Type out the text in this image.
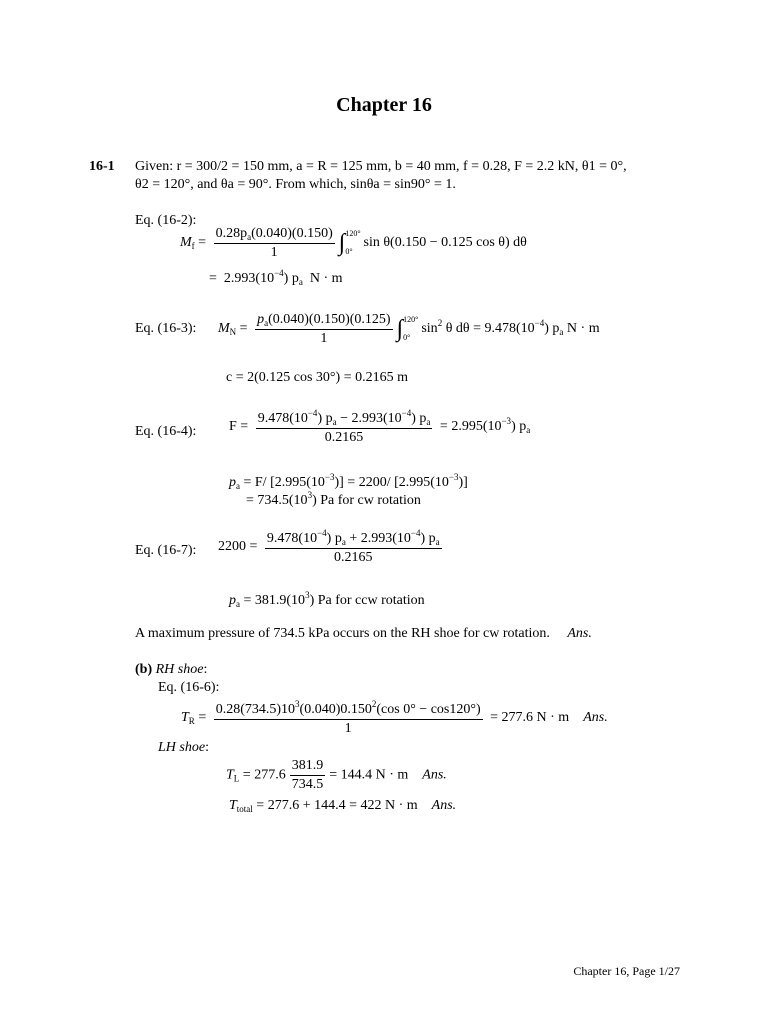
Chapter 16
16-1 Given: r = 300/2 = 150 mm, a = R = 125 mm, b = 40 mm, f = 0.28, F = 2.2 kN, θ1 = 0°,
θ2 = 120°, and θa = 90°. From which, sinθa = sin90° = 1.
Eq. (16-2):
$M_f = \frac{0.28p_a(0.040)(0.150)}{1}$ ∫ 120°
0°
sin θ(0.150 − 0.125 cos θ) dθ
= $2.993(10^{-4})$ $p_a$ N · m
Eq. (16-3): $M_N = \frac{p_a(0.040)(0.150)(0.125)}{1}$ ∫ 120°
0°
$\sin^2 \theta$ $d\theta = 9.478(10^{-4})$ $p_a$ N · m
c = 2(0.125 cos 30°) = 0.2165 m
Eq. (16-4): $F = \frac{9.478(10^{-4}) p_a - 2.993(10^{-4}) p_a}{0.2165} = 2.995(10^{-3})$ $p_a$
$p_a = F/$ $[2.995(10^{-3})] = 2200/$ $[2.995(10^{-3})]$
= $734.5(10^3)$ Pa for cw rotation
Eq. (16-7): $2200 = \frac{9.478(10^{-4}) p_a + 2.993(10^{-4}) p_a}{0.2165}$
$p_a = 381.9(10^3)$ Pa for ccw rotation
A maximum pressure of 734.5 kPa occurs on the RH shoe for cw rotation. Ans.
(b) RH shoe:
Eq. (16-6):
$T_R = \frac{0.28(734.5)10^3(0.040)0.150^2(\cos 0^\circ - \cos 120^\circ)}{1} = 277.6$ N · m Ans.
LH shoe:
$T_L = 277.6 \frac{381.9}{734.5} = 144.4$ N · m Ans.
$T_{total} = 277.6 + 144.4 = 422$ N · m Ans.
Chapter 16, Page 1/27
